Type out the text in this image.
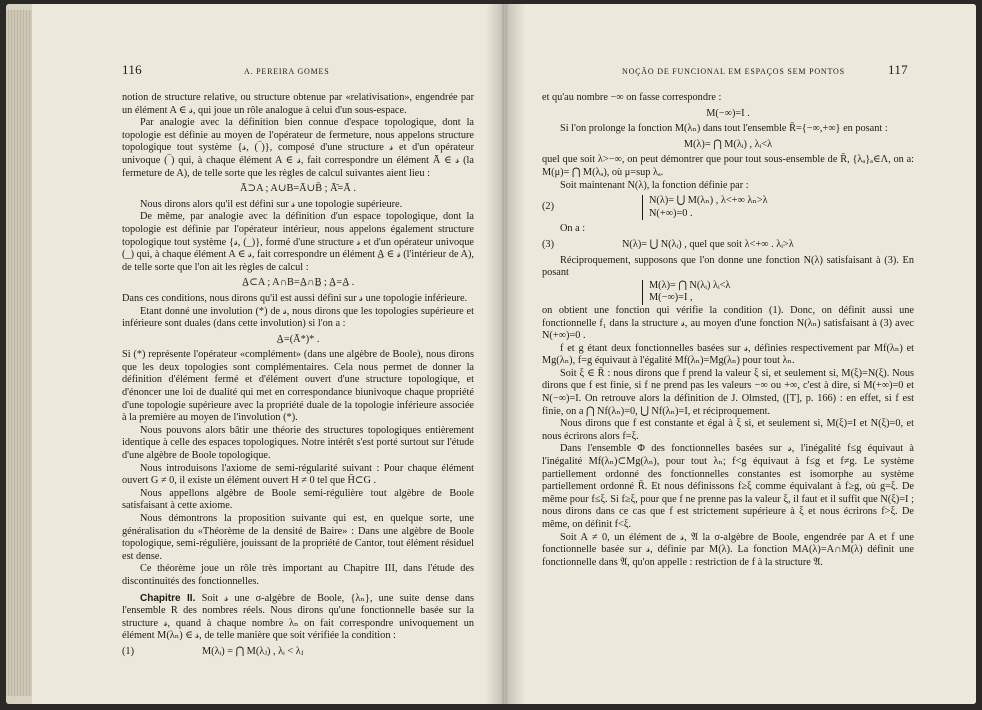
116	A. PEREIRA GOMES

notion de structure relative, ou structure obtenue par «relativisation», engendrée par un élément A ∈ 𝓈, qui joue un rôle analogue à celui d'un sous-espace.

Par analogie avec la définition bien connue d'espace topologique, dont la topologie est définie au moyen de l'opérateur de fermeture, nous appelons structure topologique tout système {𝓈, (‾)}, composé d'une structure 𝓈 et d'un opérateur univoque (‾) qui, à chaque élément A ∈ 𝓈, fait correspondre un élément Ā ∈ 𝓈 (la fermeture de A), de telle sorte que les règles de calcul suivantes aient lieu :

Ā⊃A ; A∪B=Ā∪B̄ ; Ā̄=Ā .

Nous dirons alors qu'il est défini sur 𝓈 une topologie supérieure.

De même, par analogie avec la définition d'un espace topologique, dont la topologie est définie par l'opérateur intérieur, nous appelons également structure topologique tout système {𝓈, (_)}, formé d'une structure 𝓈 et d'un opérateur univoque (_) qui, à chaque élément A ∈ 𝓈, fait correspondre un élément A̲ ∈ 𝓈 (l'intérieur de A), de telle sorte que l'on ait les règles de calcul :

A̲⊂A ; A∩B=A̲∩B̲ ; A̲̲=A̲ .

Dans ces conditions, nous dirons qu'il est aussi défini sur 𝓈 une topologie inférieure.

Etant donné une involution (*) de 𝓈, nous dirons que les topologies supérieure et inférieure sont duales (dans cette involution) si l'on a :

A̲=(Ā*)* .

Si (*) représente l'opérateur «complément» (dans une algèbre de Boole), nous dirons que les deux topologies sont complémentaires. Cela nous permet de donner la définition d'élément fermé et d'élément ouvert d'une structure topologique, et d'énoncer une loi de dualité qui met en correspondance biunivoque chaque propriété d'une topologie supérieure avec la propriété duale de la topologie inférieure associée à la première au moyen de l'involution (*).

Nous pouvons alors bâtir une théorie des structures topologiques entièrement identique à celle des espaces topologiques. Notre intérêt s'est porté surtout sur l'étude d'une algèbre de Boole topologique.

Nous introduisons l'axiome de semi-régularité suivant : Pour chaque élément ouvert G ≠ 0, il existe un élément ouvert H ≠ 0 tel que H̄⊂G .

Nous appellons algèbre de Boole semi-régulière tout algèbre de Boole satisfaisant à cette axiome.

Nous démontrons la proposition suivante qui est, en quelque sorte, une généralisation du «Théorème de la densité de Baire» : Dans une algèbre de Boole topologique, semi-régulière, jouissant de la propriété de Cantor, tout élément résiduel est dense.

Ce théorème joue un rôle très important au Chapitre III, dans l'étude des discontinuités des fonctionnelles.

Chapitre II. Soit 𝓈 une σ-algèbre de Boole, {λₙ}, une suite dense dans l'ensemble R des nombres réels. Nous dirons qu'une fonctionnelle basée sur la structure 𝓈, quand à chaque nombre λₙ on fait correspondre univoquement un élément M(λₙ) ∈ 𝓈, de telle manière que soit vérifiée la condition :

(1)	M(λᵢ) = ⋂ M(λⱼ) , λᵢ < λⱼ
NOÇÃO DE FUNCIONAL EM ESPAÇOS SEM PONTOS	117

et qu'au nombre −∞ on fasse correspondre :

M(−∞)=I .

Si l'on prolonge la fonction M(λₙ) dans tout l'ensemble R̄={−∞,+∞} en posant :

M(λ)= ⋂ M(λᵢ) , λᵢ<λ

quel que soit λ>−∞, on peut démontrer que pour tout sous-ensemble de R̄, {λₐ}ₐ∈Λ, on a: M(μ)= ⋂ M(λₐ), où μ=sup λₐ.

Soit maintenant N(λ), la fonction définie par :

(2)
N(λ)= ⋃ M(λₙ) , λ<+∞ λₙ>λ
N(+∞)=0 .

On a :

(3)	N(λ)= ⋃ N(λᵢ) , quel que soit λ<+∞ . λᵢ>λ

Réciproquement, supposons que l'on donne une fonction N(λ) satisfaisant à (3). En posant

M(λ)= ⋂ N(λᵢ) λᵢ<λ
M(−∞)=I ,

on obtient une fonction qui vérifie la condition (1). Donc, on définit aussi une fonctionnelle f₁ dans la structure 𝓈, au moyen d'une fonction N(λₙ) satisfaisant à (3) avec N(+∞)=0 .

f et g étant deux fonctionnelles basées sur 𝓈, définies respectivement par Mf(λₙ) et Mg(λₙ), f=g équivaut à l'égalité Mf(λₙ)=Mg(λₙ) pour tout λₙ.

Soit ξ ∈ R̄ : nous dirons que f prend la valeur ξ si, et seulement si, M(ξ)=N(ξ). Nous dirons que f est finie, si f ne prend pas les valeurs −∞ ou +∞, c'est à dire, si M(+∞)=0 et N(−∞)=I. On retrouve alors la définition de J. Olmsted, ([T], p. 166) : en effet, si f est finie, on a ⋂ Nf(λₙ)=0, ⋃ Nf(λₙ)=I, et réciproquement.

Nous dirons que f est constante et égal à ξ si, et seulement si, M(ξ)=I et N(ξ)=0, et nous écrirons alors f=ξ.

Dans l'ensemble Φ des fonctionnelles basées sur 𝓈, l'inégalité f≤g équivaut à l'inégalité Mf(λₙ)⊂Mg(λₙ), pour tout λₙ; f<g équivaut à f≤g et f≠g. Le système partiellement ordonné des fonctionnelles constantes est isomorphe au système partiellement ordonné R̄. Et nous définissons f≥ξ comme équivalant à f≥g, où g=ξ. De même pour f≤ξ. Si f≥ξ, pour que f ne prenne pas la valeur ξ, il faut et il suffit que N(ξ)=I ; nous dirons dans ce cas que f est strictement supérieure à ξ et nous écrirons f>ξ. De même, on définit f<ξ.

Soit A ≠ 0, un élément de 𝓈, 𝔄 la σ-algèbre de Boole, engendrée par A et f une fonctionnelle basée sur 𝓈, définie par M(λ). La fonction MA(λ)=A∩M(λ) définit une fonctionnelle dans 𝔄, qu'on appelle : restriction de f à la structure 𝔄.
